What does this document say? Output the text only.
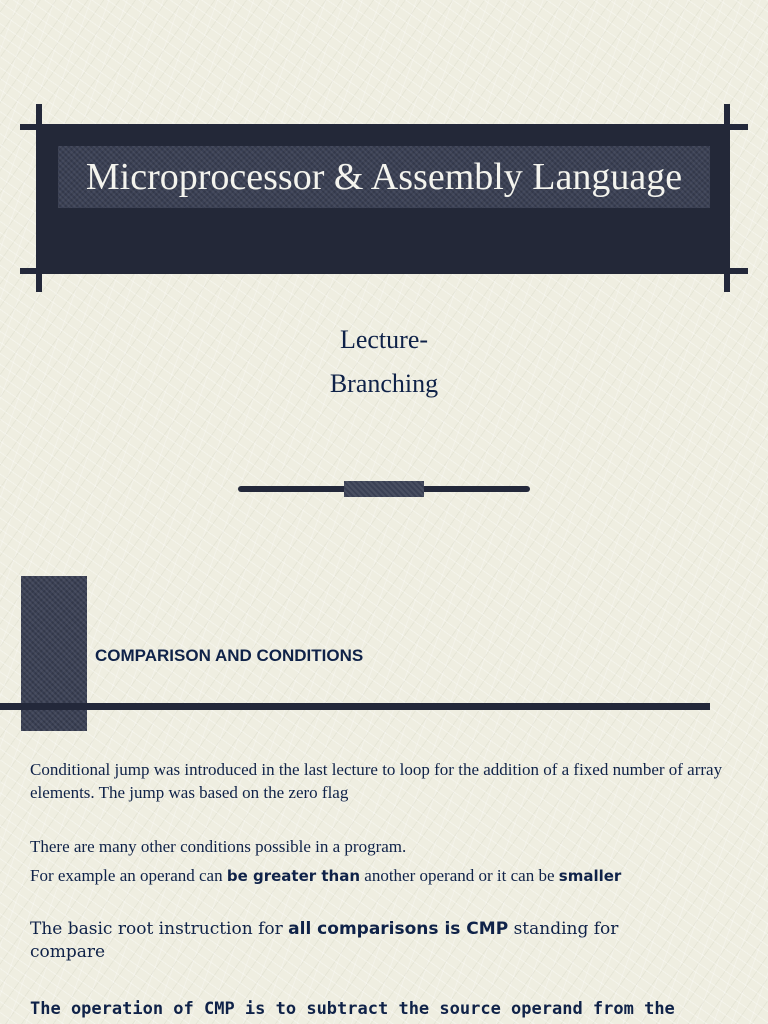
Microprocessor & Assembly Language
Lecture-
Branching
COMPARISON AND CONDITIONS

Conditional jump was introduced in the last lecture to loop for the addition of a fixed number of array elements. The jump was based on the zero flag

There are many other conditions possible in a program.

For example an operand can be greater than another operand or it can be smaller

The basic root instruction for all comparisons is CMP standing for compare

The operation of CMP is to subtract the source operand from the
